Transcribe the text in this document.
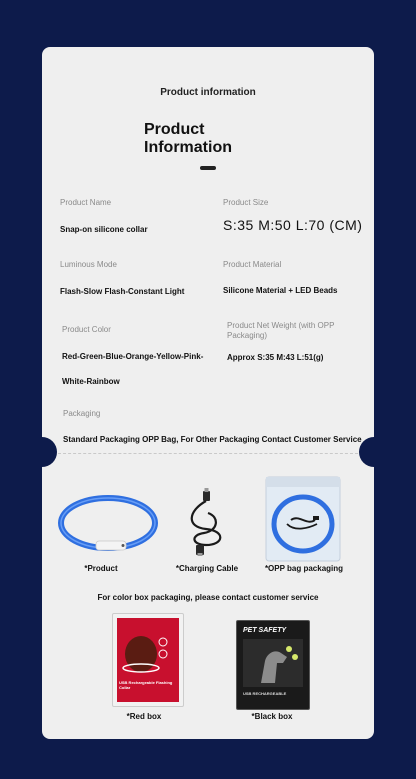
Product information
Product
Information
Product Name
Snap-on silicone collar
Product Size
S:35 M:50 L:70 (CM)
Luminous Mode
Flash-Slow Flash-Constant Light
Product Material
Silicone Material + LED Beads
Product Color
Red-Green-Blue-Orange-Yellow-Pink-
White-Rainbow
Product Net Weight (with OPP
Packaging)
Approx S:35 M:43 L:51(g)
Packaging
Standard Packaging OPP Bag, For Other Packaging Contact Customer Service
*Product	*Charging Cable	*OPP bag packaging
For color box packaging, please contact customer service
USB Rechargeable Flashing Collar
PET SAFETY
USB RECHARGEABLE
*Red box	*Black box
